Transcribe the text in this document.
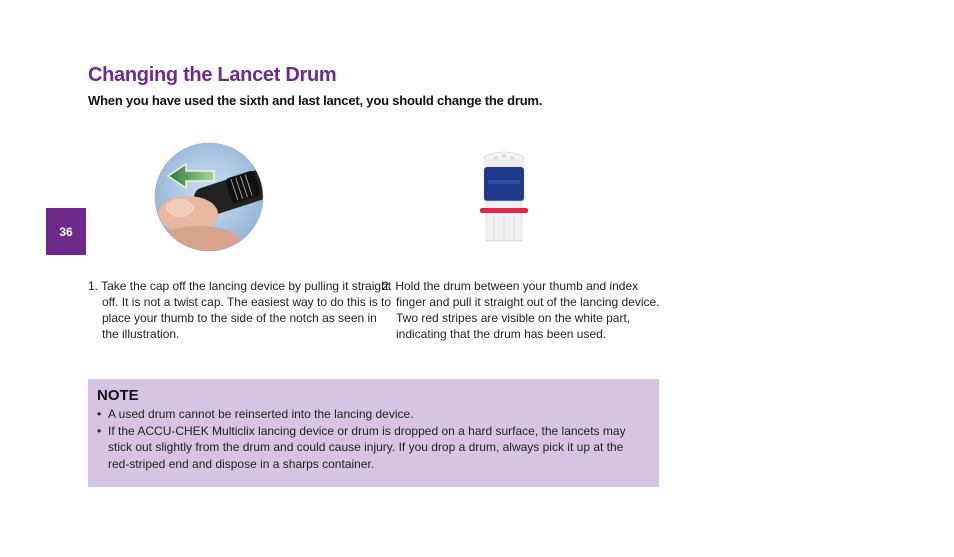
Changing the Lancet Drum

When you have used the sixth and last lancet, you should change the drum.

36

1. Take the cap off the lancing device by pulling it straight off. It is not a twist cap. The easiest way to do this is to place your thumb to the side of the notch as seen in the illustration.

2. Hold the drum between your thumb and index finger and pull it straight out of the lancing device. Two red stripes are visible on the white part, indicating that the drum has been used.

NOTE

• A used drum cannot be reinserted into the lancing device.
• If the ACCU-CHEK Multiclix lancing device or drum is dropped on a hard surface, the lancets may stick out slightly from the drum and could cause injury. If you drop a drum, always pick it up at the red-striped end and dispose in a sharps container.
